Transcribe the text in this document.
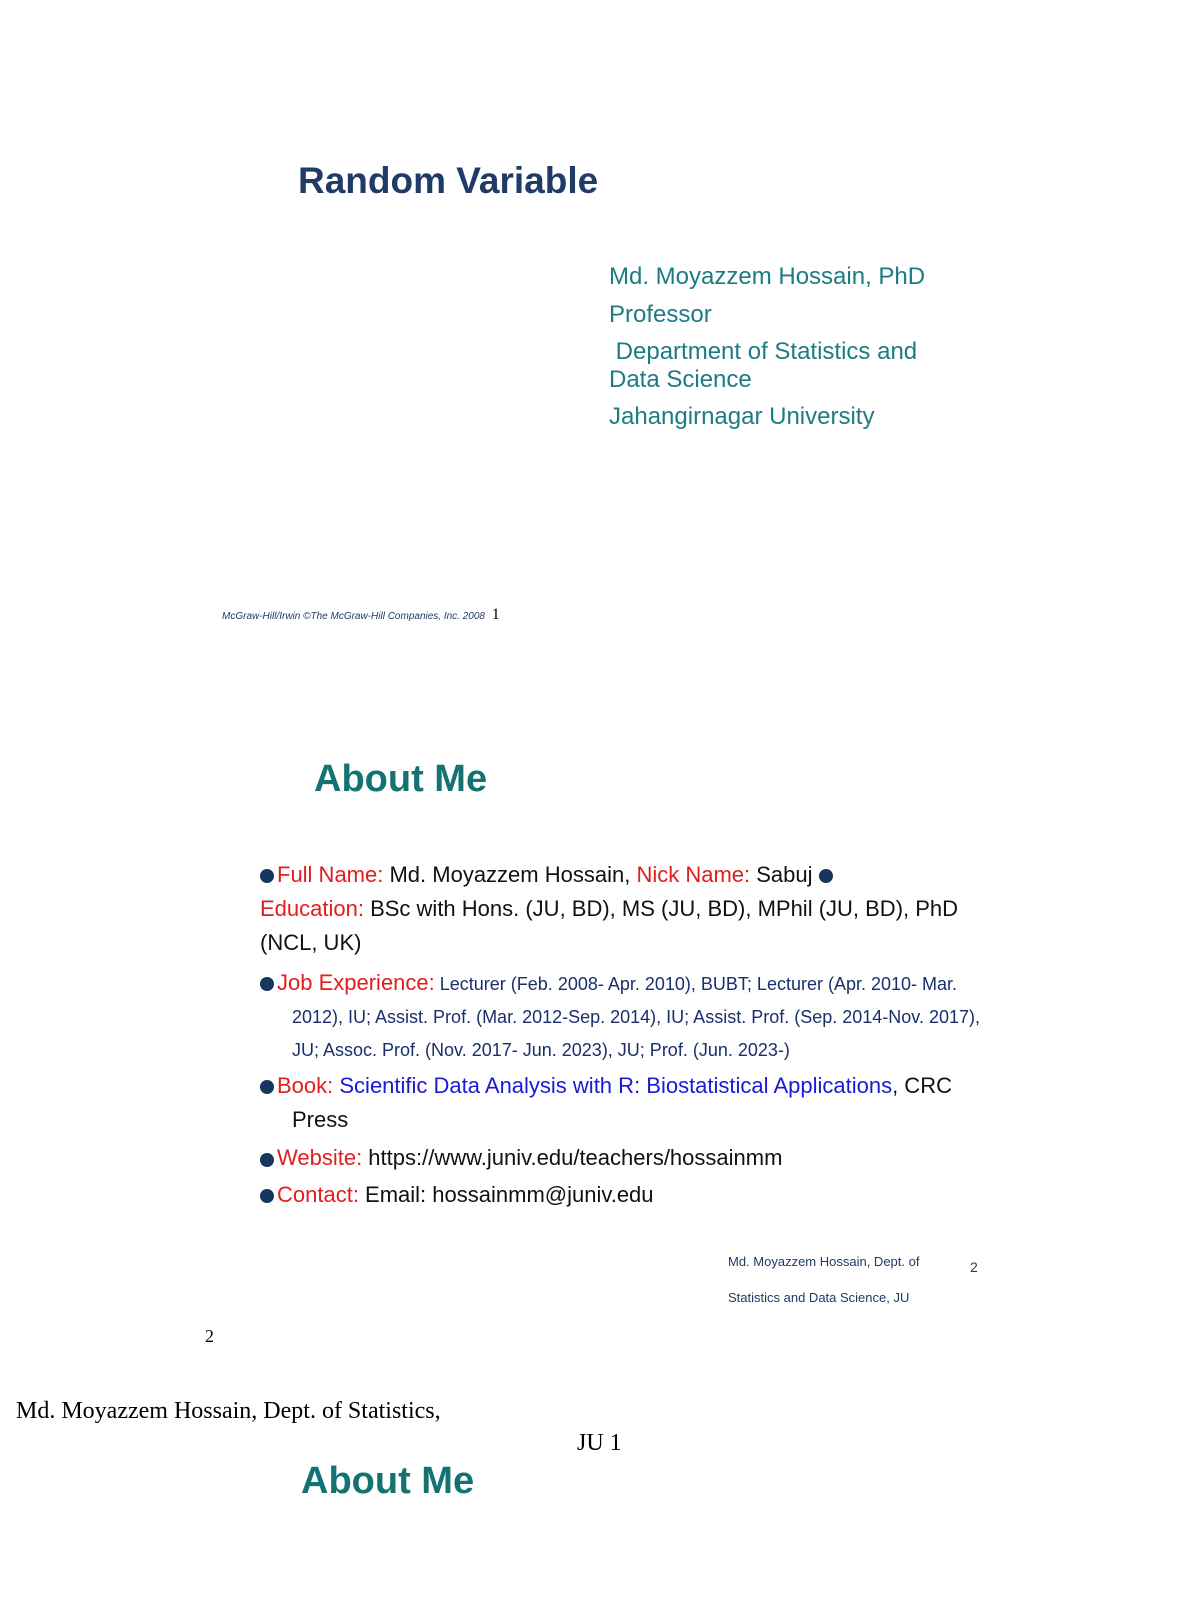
Random Variable
Md. Moyazzem Hossain, PhD
Professor
Department of Statistics and
Data Science
Jahangirnagar University
McGraw-Hill/Irwin ©The McGraw-Hill Companies, Inc. 2008 1
About Me

Full Name: Md. Moyazzem Hossain, Nick Name: Sabuj
Education: BSc with Hons. (JU, BD), MS (JU, BD), MPhil (JU, BD), PhD (NCL, UK)

Job Experience: Lecturer (Feb. 2008- Apr. 2010), BUBT; Lecturer (Apr. 2010- Mar. 2012), IU; Assist. Prof. (Mar. 2012-Sep. 2014), IU; Assist. Prof. (Sep. 2014-Nov. 2017), JU; Assoc. Prof. (Nov. 2017- Jun. 2023), JU; Prof. (Jun. 2023-)

Book: Scientific Data Analysis with R: Biostatistical Applications, CRC Press

Website: https://www.juniv.edu/teachers/hossainmm

Contact: Email: hossainmm@juniv.edu

Md. Moyazzem Hossain, Dept. of
Statistics and Data Science, JU
2
2
Md. Moyazzem Hossain, Dept. of Statistics,
JU 1
About Me
